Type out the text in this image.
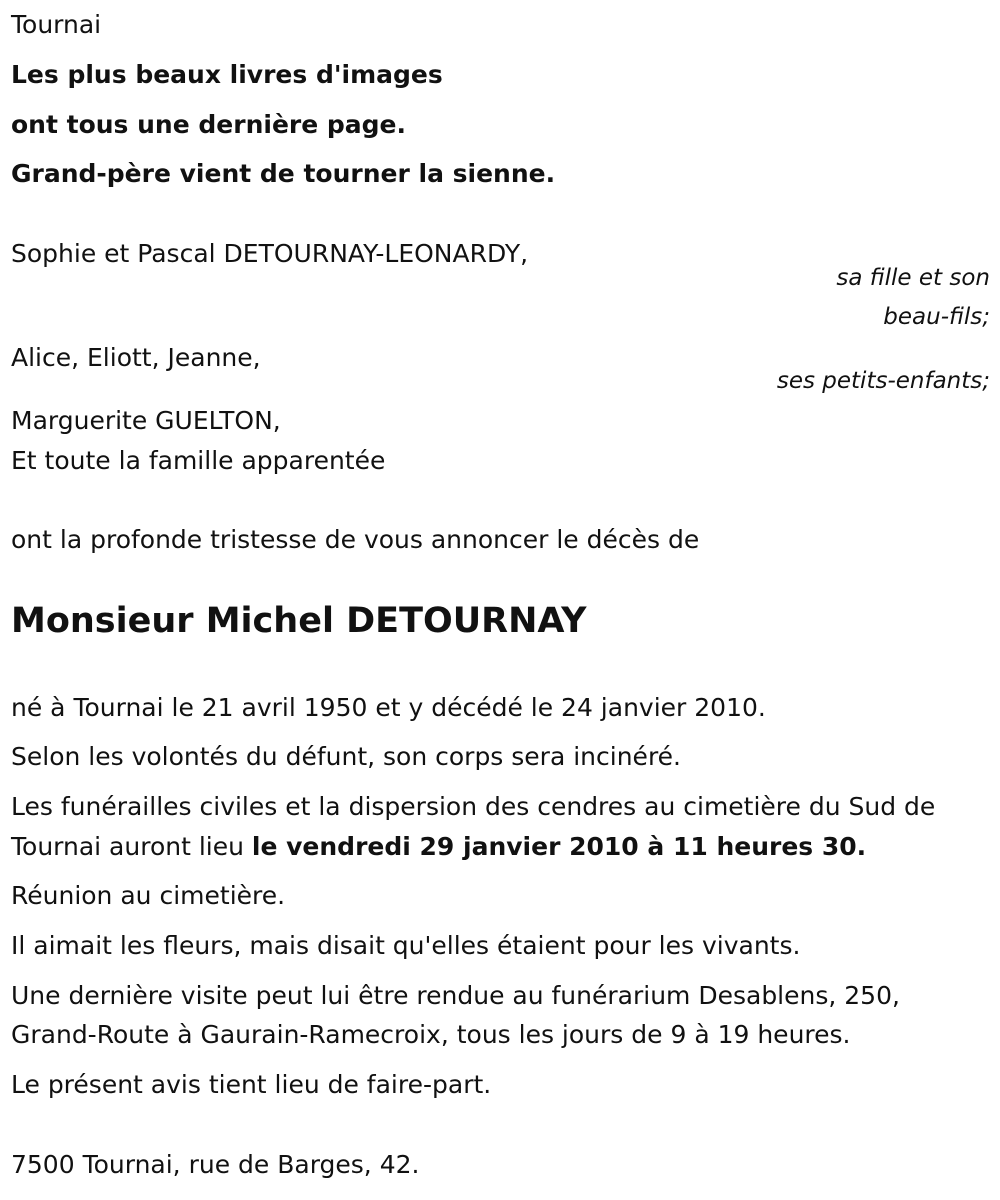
Tournai
Les plus beaux livres d'images
ont tous une dernière page.
Grand-père vient de tourner la sienne.
Sophie et Pascal DETOURNAY-LEONARDY,
sa fille et son
beau-fils;
Alice, Eliott, Jeanne,
ses petits-enfants;
Marguerite GUELTON,
Et toute la famille apparentée
ont la profonde tristesse de vous annoncer le décès de
Monsieur Michel DETOURNAY
né à Tournai le 21 avril 1950 et y décédé le 24 janvier 2010.
Selon les volontés du défunt, son corps sera incinéré.
Les funérailles civiles et la dispersion des cendres au cimetière du Sud de
Tournai auront lieu le vendredi 29 janvier 2010 à 11 heures 30.
Réunion au cimetière.
Il aimait les fleurs, mais disait qu'elles étaient pour les vivants.
Une dernière visite peut lui être rendue au funérarium Desablens, 250,
Grand-Route à Gaurain-Ramecroix, tous les jours de 9 à 19 heures.
Le présent avis tient lieu de faire-part.
7500 Tournai, rue de Barges, 42.
